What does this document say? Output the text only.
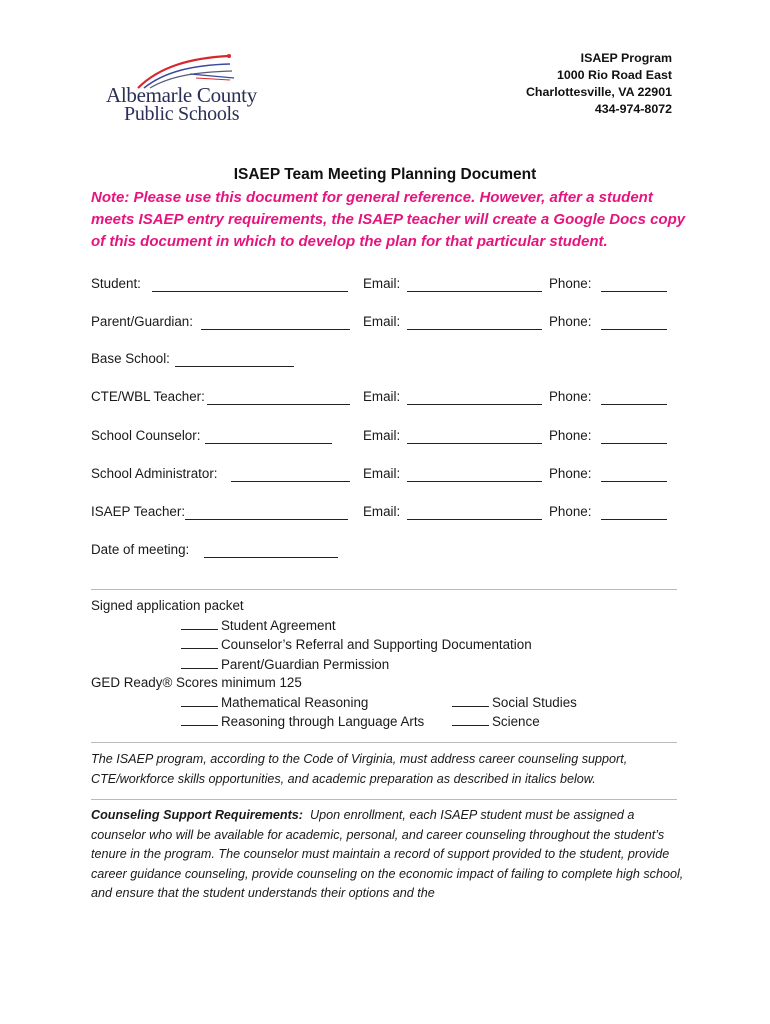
Albemarle County
Public Schools
ISAEP Program
1000 Rio Road East
Charlottesville, VA 22901
434-974-8072
ISAEP Team Meeting Planning Document
Note: Please use this document for general reference. However, after a student meets ISAEP entry requirements, the ISAEP teacher will create a Google Docs copy of this document in which to develop the plan for that particular student.
Student:	Email:	Phone:
Parent/Guardian:	Email:	Phone:
Base School:
CTE/WBL Teacher:	Email:	Phone:
School Counselor:	Email:	Phone:
School Administrator:	Email:	Phone:
ISAEP Teacher:	Email:	Phone:
Date of meeting:
Signed application packet
Student Agreement
Counselor’s Referral and Supporting Documentation
Parent/Guardian Permission
GED Ready® Scores minimum 125
Mathematical Reasoning	Social Studies
Reasoning through Language Arts	Science
The ISAEP program, according to the Code of Virginia, must address career counseling support, CTE/workforce skills opportunities, and academic preparation as described in italics below.
Counseling Support Requirements: Upon enrollment, each ISAEP student must be assigned a counselor who will be available for academic, personal, and career counseling throughout the student’s tenure in the program. The counselor must maintain a record of support provided to the student, provide career guidance counseling, provide counseling on the economic impact of failing to complete high school, and ensure that the student understands their options and the
